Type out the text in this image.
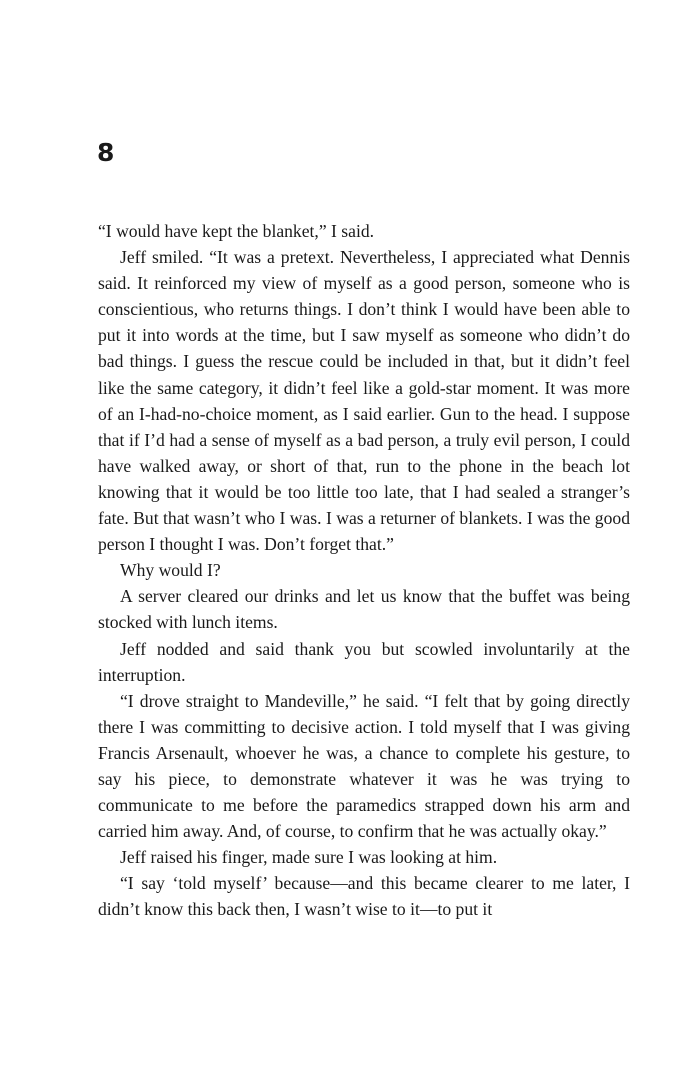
8

“I would have kept the blanket,” I said.

Jeff smiled. “It was a pretext. Nevertheless, I appreciated what Dennis said. It reinforced my view of myself as a good person, someone who is conscientious, who returns things. I don’t think I would have been able to put it into words at the time, but I saw myself as someone who didn’t do bad things. I guess the rescue could be included in that, but it didn’t feel like the same category, it didn’t feel like a gold-star moment. It was more of an I-had-no-choice moment, as I said earlier. Gun to the head. I suppose that if I’d had a sense of myself as a bad person, a truly evil person, I could have walked away, or short of that, run to the phone in the beach lot knowing that it would be too little too late, that I had sealed a stranger’s fate. But that wasn’t who I was. I was a returner of blankets. I was the good person I thought I was. Don’t forget that.”

Why would I?

A server cleared our drinks and let us know that the buffet was being stocked with lunch items.

Jeff nodded and said thank you but scowled involuntarily at the interruption.

“I drove straight to Mandeville,” he said. “I felt that by going directly there I was committing to decisive action. I told myself that I was giving Francis Arsenault, whoever he was, a chance to complete his gesture, to say his piece, to demonstrate whatever it was he was trying to communicate to me before the paramedics strapped down his arm and carried him away. And, of course, to confirm that he was actually okay.”

Jeff raised his finger, made sure I was looking at him.

“I say ‘told myself’ because—and this became clearer to me later, I didn’t know this back then, I wasn’t wise to it—to put it
